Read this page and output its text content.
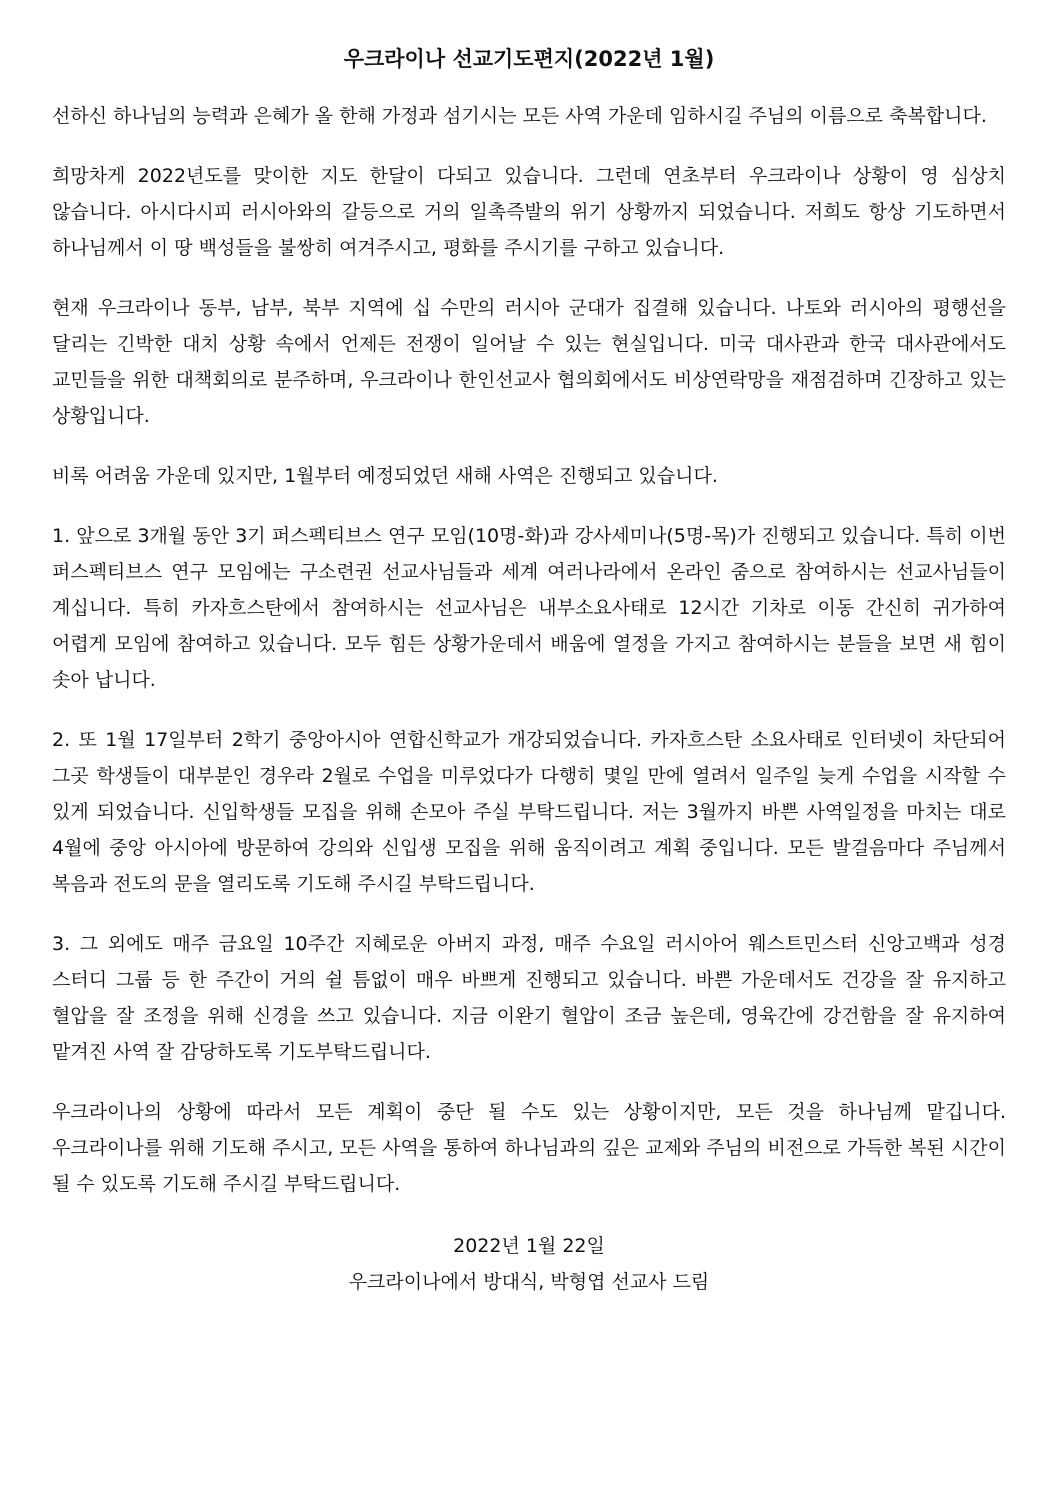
우크라이나 선교기도편지(2022년 1월)

선하신 하나님의 능력과 은혜가 올 한해 가정과 섬기시는 모든 사역 가운데 임하시길 주님의 이름으로 축복합니다.

희망차게 2022년도를 맞이한 지도 한달이 다되고 있습니다. 그런데 연초부터 우크라이나 상황이 영 심상치 않습니다. 아시다시피 러시아와의 갈등으로 거의 일촉즉발의 위기 상황까지 되었습니다. 저희도 항상 기도하면서 하나님께서 이 땅 백성들을 불쌍히 여겨주시고, 평화를 주시기를 구하고 있습니다.

현재 우크라이나 동부, 남부, 북부 지역에 십 수만의 러시아 군대가 집결해 있습니다. 나토와 러시아의 평행선을 달리는 긴박한 대치 상황 속에서 언제든 전쟁이 일어날 수 있는 현실입니다. 미국 대사관과 한국 대사관에서도 교민들을 위한 대책회의로 분주하며, 우크라이나 한인선교사 협의회에서도 비상연락망을 재점검하며 긴장하고 있는 상황입니다.

비록 어려움 가운데 있지만, 1월부터 예정되었던 새해 사역은 진행되고 있습니다.

1. 앞으로 3개월 동안 3기 퍼스펙티브스 연구 모임(10명-화)과 강사세미나(5명-목)가 진행되고 있습니다. 특히 이번 퍼스펙티브스 연구 모임에는 구소련권 선교사님들과 세계 여러나라에서 온라인 줌으로 참여하시는 선교사님들이 계십니다. 특히 카자흐스탄에서 참여하시는 선교사님은 내부소요사태로 12시간 기차로 이동 간신히 귀가하여 어렵게 모임에 참여하고 있습니다. 모두 힘든 상황가운데서 배움에 열정을 가지고 참여하시는 분들을 보면 새 힘이 솟아 납니다.

2. 또 1월 17일부터 2학기 중앙아시아 연합신학교가 개강되었습니다. 카자흐스탄 소요사태로 인터넷이 차단되어 그곳 학생들이 대부분인 경우라 2월로 수업을 미루었다가 다행히 몇일 만에 열려서 일주일 늦게 수업을 시작할 수 있게 되었습니다. 신입학생들 모집을 위해 손모아 주실 부탁드립니다. 저는 3월까지 바쁜 사역일정을 마치는 대로 4월에 중앙 아시아에 방문하여 강의와 신입생 모집을 위해 움직이려고 계획 중입니다. 모든 발걸음마다 주님께서 복음과 전도의 문을 열리도록 기도해 주시길 부탁드립니다.

3. 그 외에도 매주 금요일 10주간 지혜로운 아버지 과정, 매주 수요일 러시아어 웨스트민스터 신앙고백과 성경 스터디 그룹 등 한 주간이 거의 쉴 틈없이 매우 바쁘게 진행되고 있습니다. 바쁜 가운데서도 건강을 잘 유지하고 혈압을 잘 조정을 위해 신경을 쓰고 있습니다. 지금 이완기 혈압이 조금 높은데, 영육간에 강건함을 잘 유지하여 맡겨진 사역 잘 감당하도록 기도부탁드립니다.

우크라이나의 상황에 따라서 모든 계획이 중단 될 수도 있는 상황이지만, 모든 것을 하나님께 맡깁니다. 우크라이나를 위해 기도해 주시고, 모든 사역을 통하여 하나님과의 깊은 교제와 주님의 비전으로 가득한 복된 시간이 될 수 있도록 기도해 주시길 부탁드립니다.

2022년 1월 22일
우크라이나에서 방대식, 박형엽 선교사 드림
